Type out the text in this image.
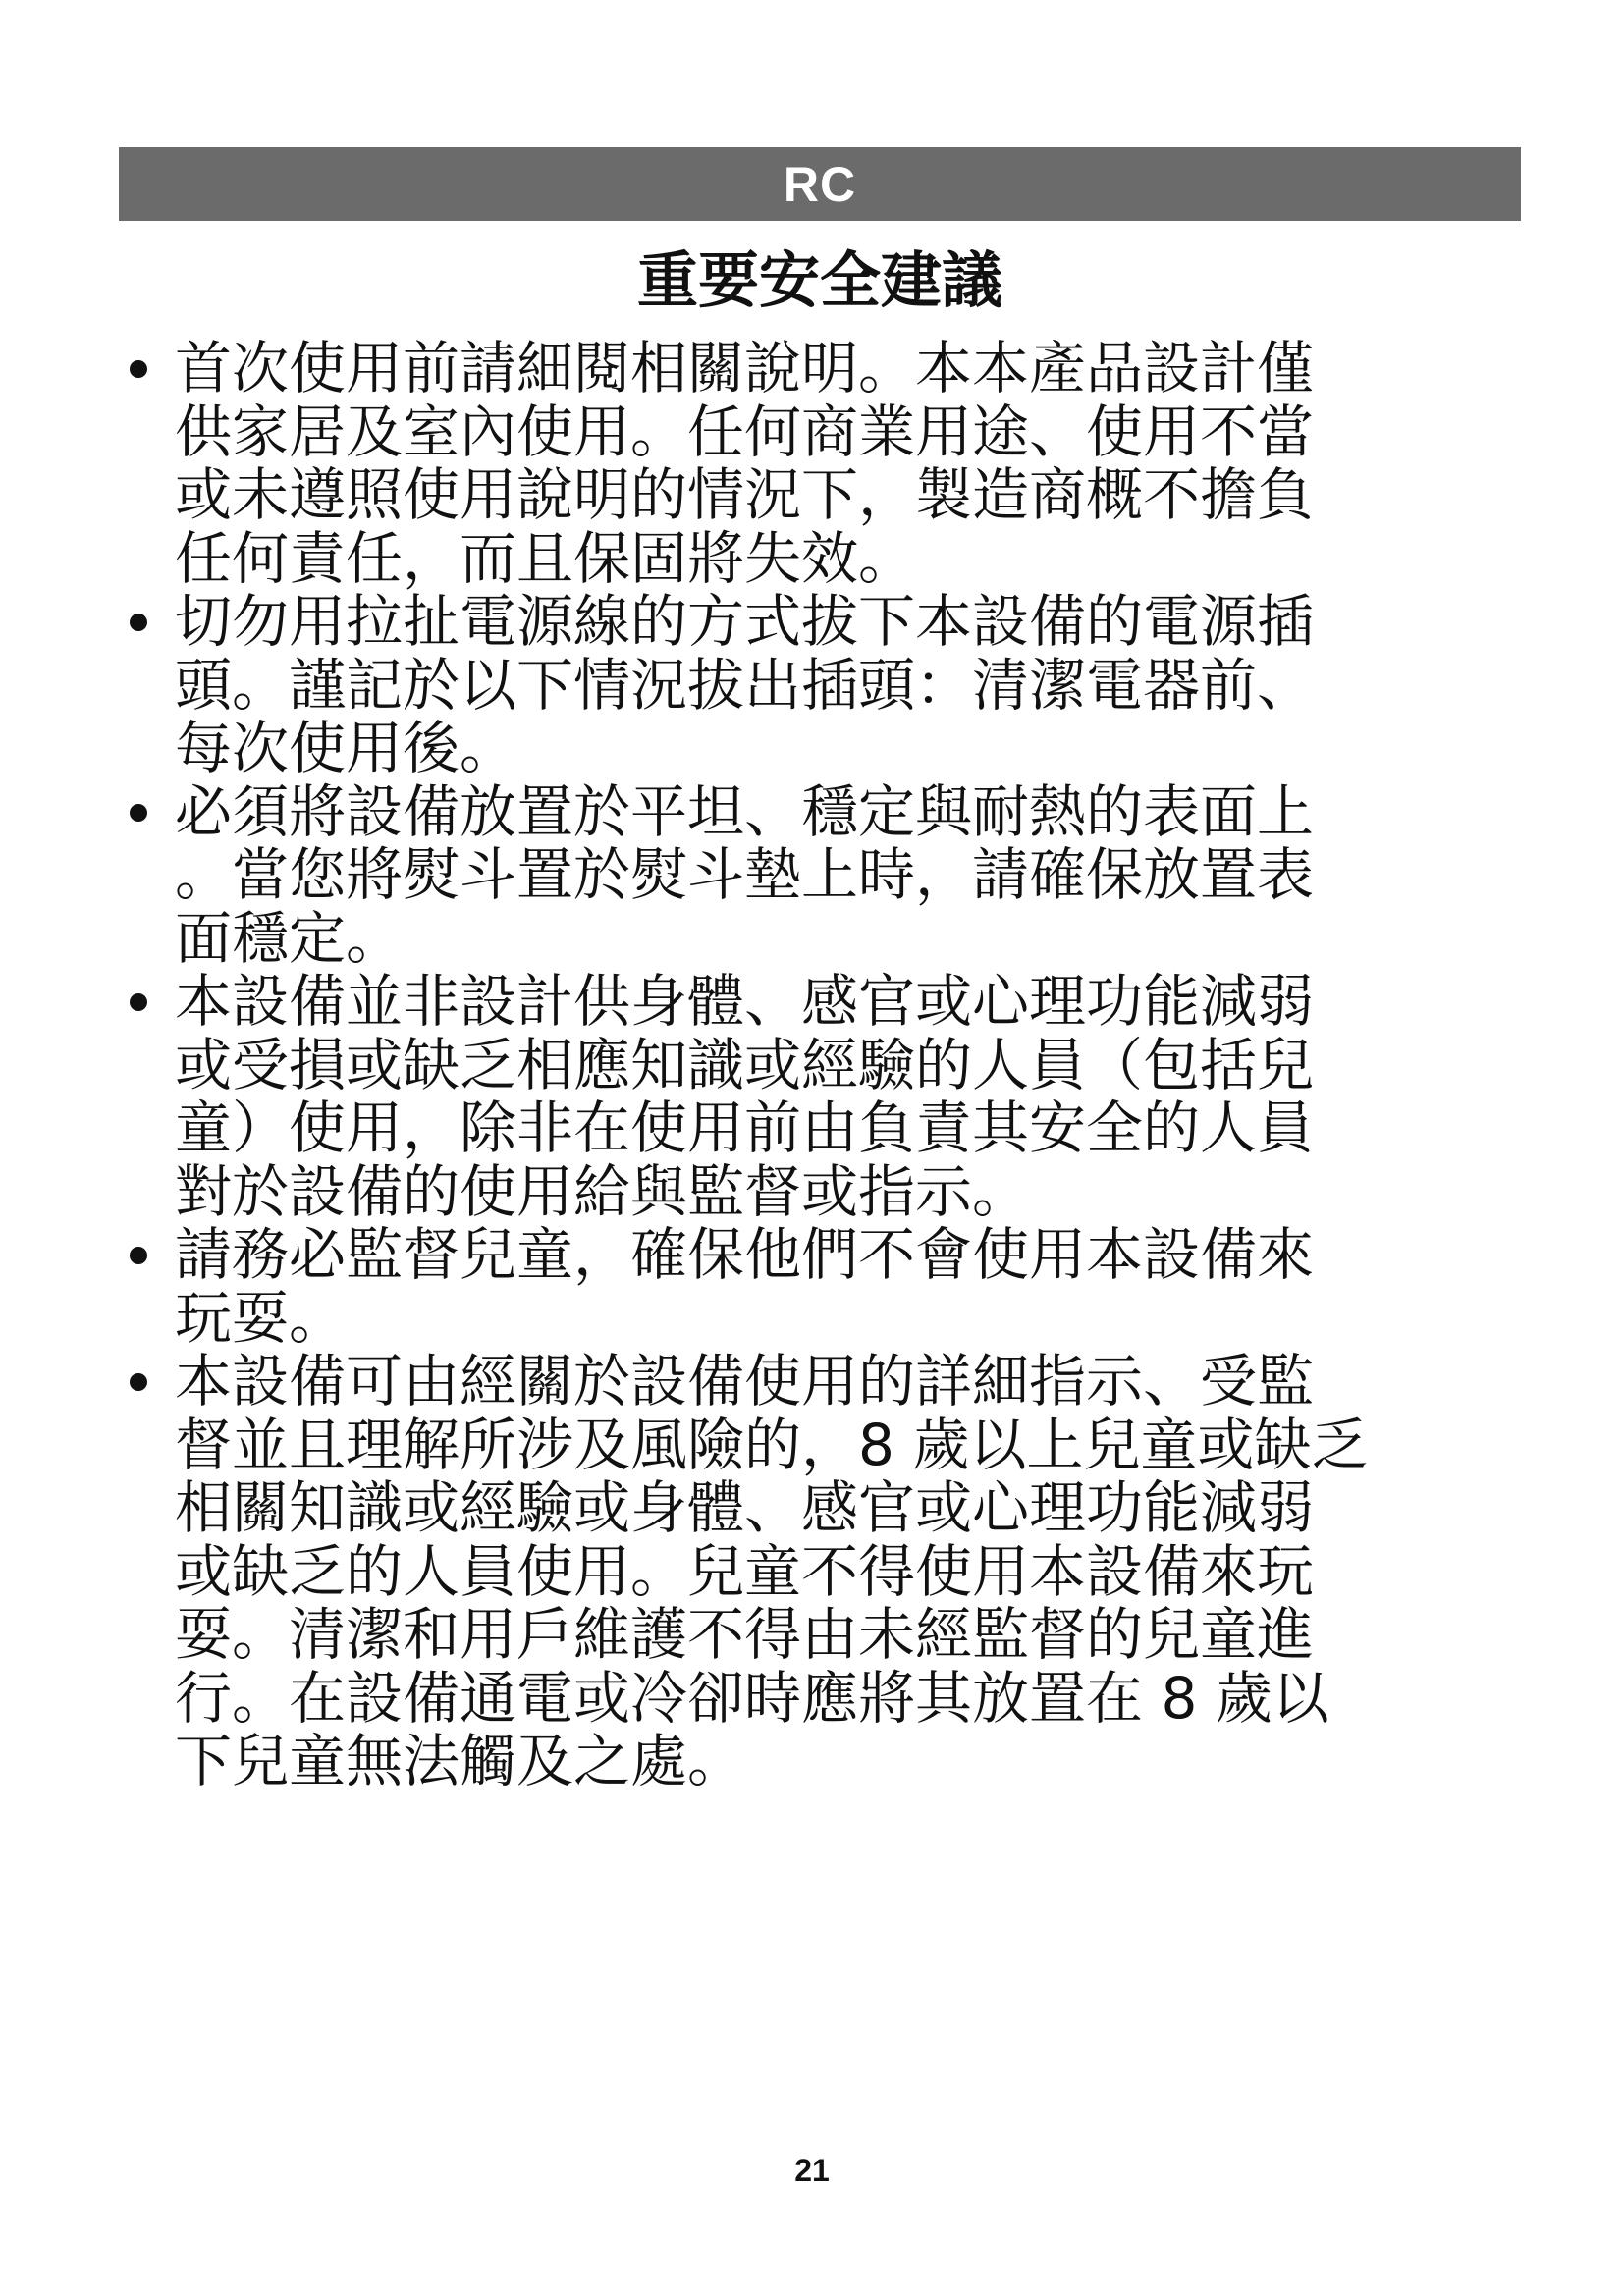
RC
重要安全建議
首次使用前請細閱相關說明。本本產品設計僅
供家居及室內使用。任何商業用途、使用不當
或未遵照使用說明的情況下，製造商概不擔負
任何責任，而且保固將失效。
切勿用拉扯電源線的方式拔下本設備的電源插
頭。謹記於以下情況拔出插頭：清潔電器前、
每次使用後。
必須將設備放置於平坦、穩定與耐熱的表面上
。當您將熨斗置於熨斗墊上時，請確保放置表
面穩定。
本設備並非設計供身體、感官或心理功能減弱
或受損或缺乏相應知識或經驗的人員（包括兒
童）使用，除非在使用前由負責其安全的人員
對於設備的使用給與監督或指示。
請務必監督兒童，確保他們不會使用本設備來
玩耍。
本設備可由經關於設備使用的詳細指示、受監
督並且理解所涉及風險的，8 歲以上兒童或缺乏
相關知識或經驗或身體、感官或心理功能減弱
或缺乏的人員使用。兒童不得使用本設備來玩
耍。清潔和用戶維護不得由未經監督的兒童進
行。在設備通電或冷卻時應將其放置在 8 歲以
下兒童無法觸及之處。
21
